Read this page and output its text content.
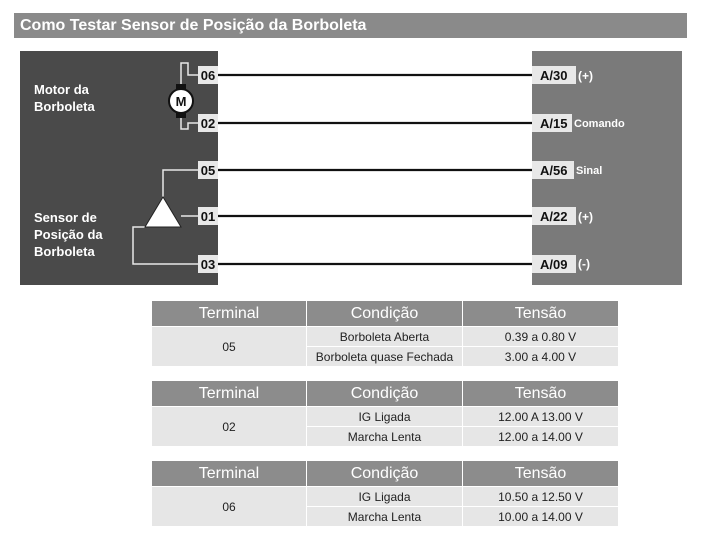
Como Testar Sensor de Posição da Borboleta
M
Motor da
Borboleta
Sensor de
Posição da
Borboleta
06
02
05
01
03
A/30
A/15
A/56
A/22
A/09
(+)
Comando
Sinal
(+)
(-)
Terminal	Condição	Tensão
05	Borboleta Aberta	0.39 a 0.80 V
	Borboleta quase Fechada	3.00 a 4.00 V
Terminal	Condição	Tensão
02	IG Ligada	12.00 A 13.00 V
	Marcha Lenta	12.00 a 14.00 V
Terminal	Condição	Tensão
06	IG Ligada	10.50 a 12.50 V
	Marcha Lenta	10.00 a 14.00 V
